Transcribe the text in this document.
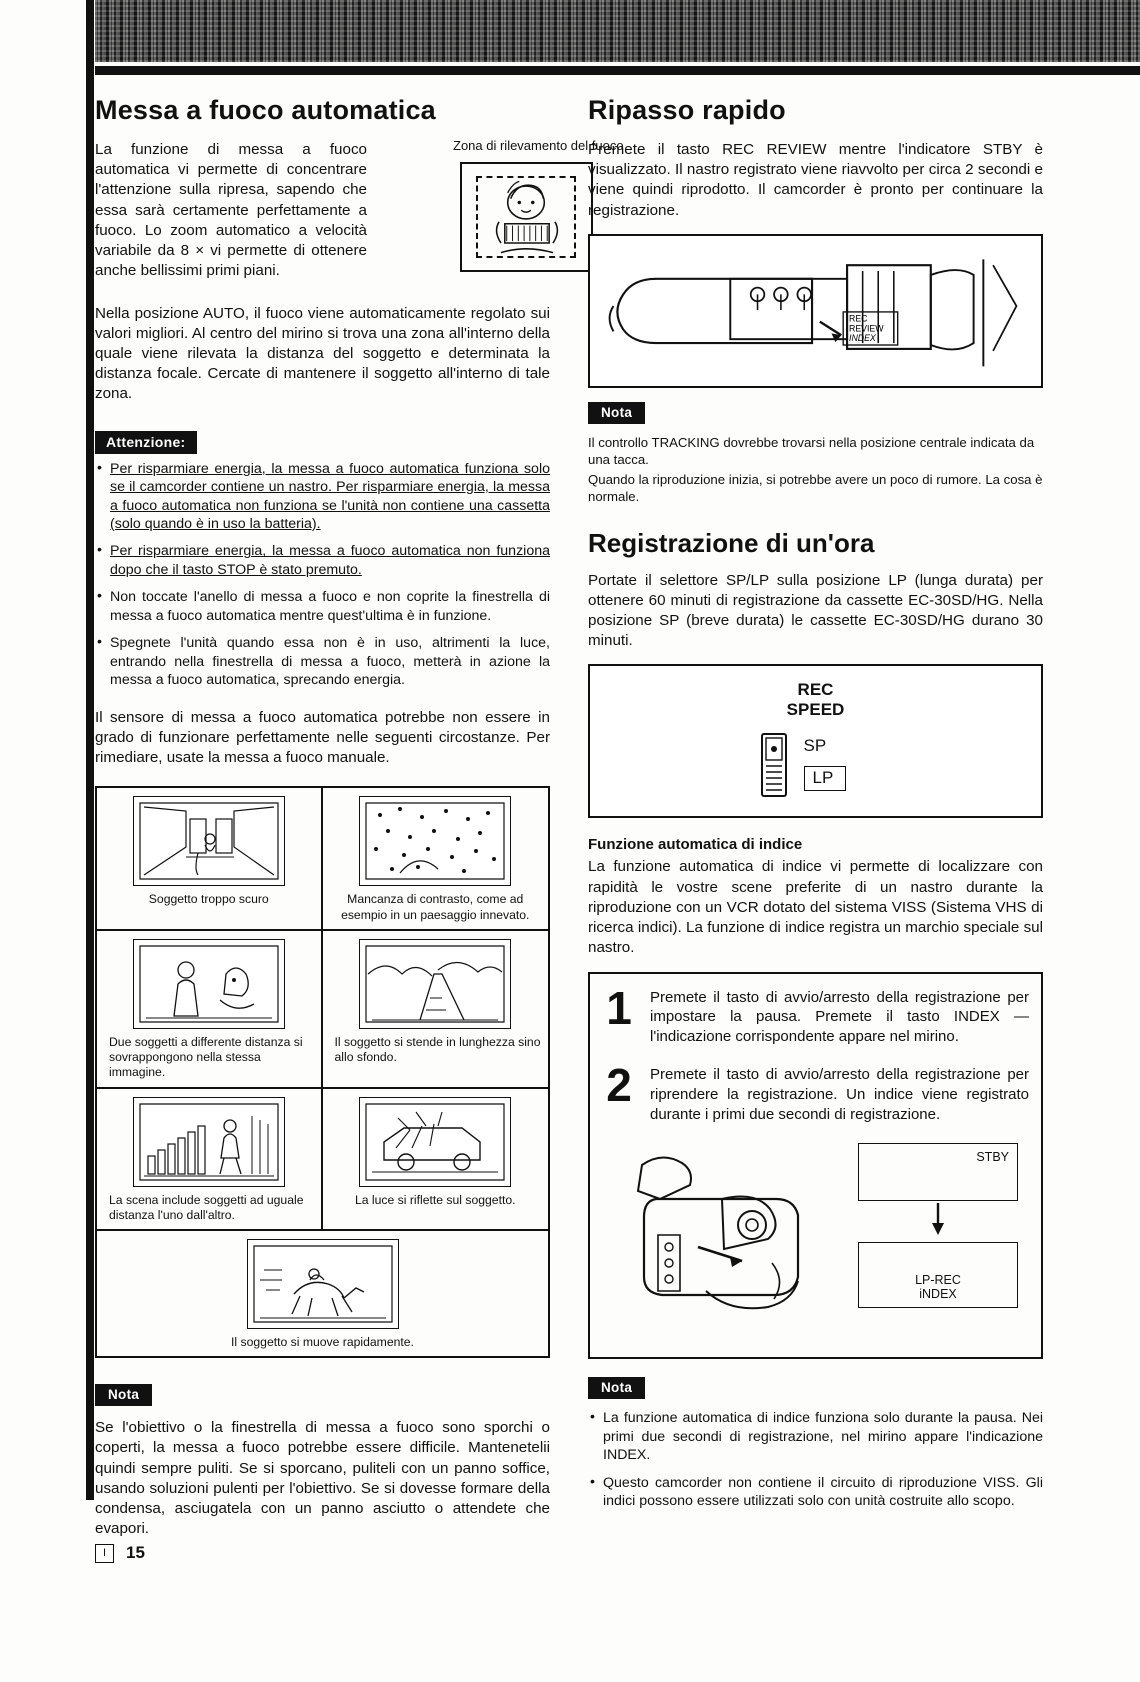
Messa a fuoco automatica

La funzione di messa a fuoco automatica vi permette di concentrare l'attenzione sulla ripresa, sapendo che essa sarà certamente perfettamente a fuoco. Lo zoom automatico a velocità variabile da 8 × vi permette di ottenere anche bellissimi primi piani.

Zona di rilevamento del fuoco

Nella posizione AUTO, il fuoco viene automaticamente regolato sui valori migliori. Al centro del mirino si trova una zona all'interno della quale viene rilevata la distanza del soggetto e determinata la distanza focale. Cercate di mantenere il soggetto all'interno di tale zona.

Attenzione:
• Per risparmiare energia, la messa a fuoco automatica funziona solo se il camcorder contiene un nastro. Per risparmiare energia, la messa a fuoco automatica non funziona se l'unità non contiene una cassetta (solo quando è in uso la batteria).
• Per risparmiare energia, la messa a fuoco automatica non funziona dopo che il tasto STOP è stato premuto.
• Non toccate l'anello di messa a fuoco e non coprite la finestrella di messa a fuoco automatica mentre quest'ultima è in funzione.
• Spegnete l'unità quando essa non è in uso, altrimenti la luce, entrando nella finestrella di messa a fuoco, metterà in azione la messa a fuoco automatica, sprecando energia.

Il sensore di messa a fuoco automatica potrebbe non essere in grado di funzionare perfettamente nelle seguenti circostanze. Per rimediare, usate la messa a fuoco manuale.

Soggetto troppo scuro	Mancanza di contrasto, come ad esempio in un paesaggio innevato.
Due soggetti a differente distanza si sovrappongono nella stessa immagine.
Il soggetto si stende in lunghezza sino allo sfondo.
La scena include soggetti ad uguale distanza l'uno dall'altro.
La luce si riflette sul soggetto.
Il soggetto si muove rapidamente.
Nota

Se l'obiettivo o la finestrella di messa a fuoco sono sporchi o coperti, la messa a fuoco potrebbe essere difficile. Mantenetelii quindi sempre puliti. Se si sporcano, puliteli con un panno soffice, usando soluzioni pulenti per l'obiettivo. Se si dovesse formare della condensa, asciugatela con un panno asciutto o attendete che evapori.

Ripasso rapido

Premete il tasto REC REVIEW mentre l'indicatore STBY è visualizzato. Il nastro registrato viene riavvolto per circa 2 secondi e viene quindi riprodotto. Il camcorder è pronto per continuare la registrazione.

REC
REVIEW
INDEX
Nota
Il controllo TRACKING dovrebbe trovarsi nella posizione centrale indicata da una tacca.
Quando la riproduzione inizia, si potrebbe avere un poco di rumore. La cosa è normale.
Registrazione di un'ora

Portate il selettore SP/LP sulla posizione LP (lunga durata) per ottenere 60 minuti di registrazione da cassette EC-30SD/HG. Nella posizione SP (breve durata) le cassette EC-30SD/HG durano 30 minuti.

REC
SPEED
SP
LP
Funzione automatica di indice

La funzione automatica di indice vi permette di localizzare con rapidità le vostre scene preferite di un nastro durante la riproduzione con un VCR dotato del sistema VISS (Sistema VHS di ricerca indici). La funzione di indice registra un marchio speciale sul nastro.

1 Premete il tasto di avvio/arresto della registrazione per impostare la pausa. Premete il tasto INDEX — l'indicazione corrispondente appare nel mirino.
2 Premete il tasto di avvio/arresto della registrazione per riprendere la registrazione. Un indice viene registrato durante i primi due secondi di registrazione.
STBY
LP-REC
iNDEX
Nota
• La funzione automatica di indice funziona solo durante la pausa. Nei primi due secondi di registrazione, nel mirino appare l'indicazione INDEX.
• Questo camcorder non contiene il circuito di riproduzione VISS. Gli indici possono essere utilizzati solo con unità costruite allo scopo.
I	15
